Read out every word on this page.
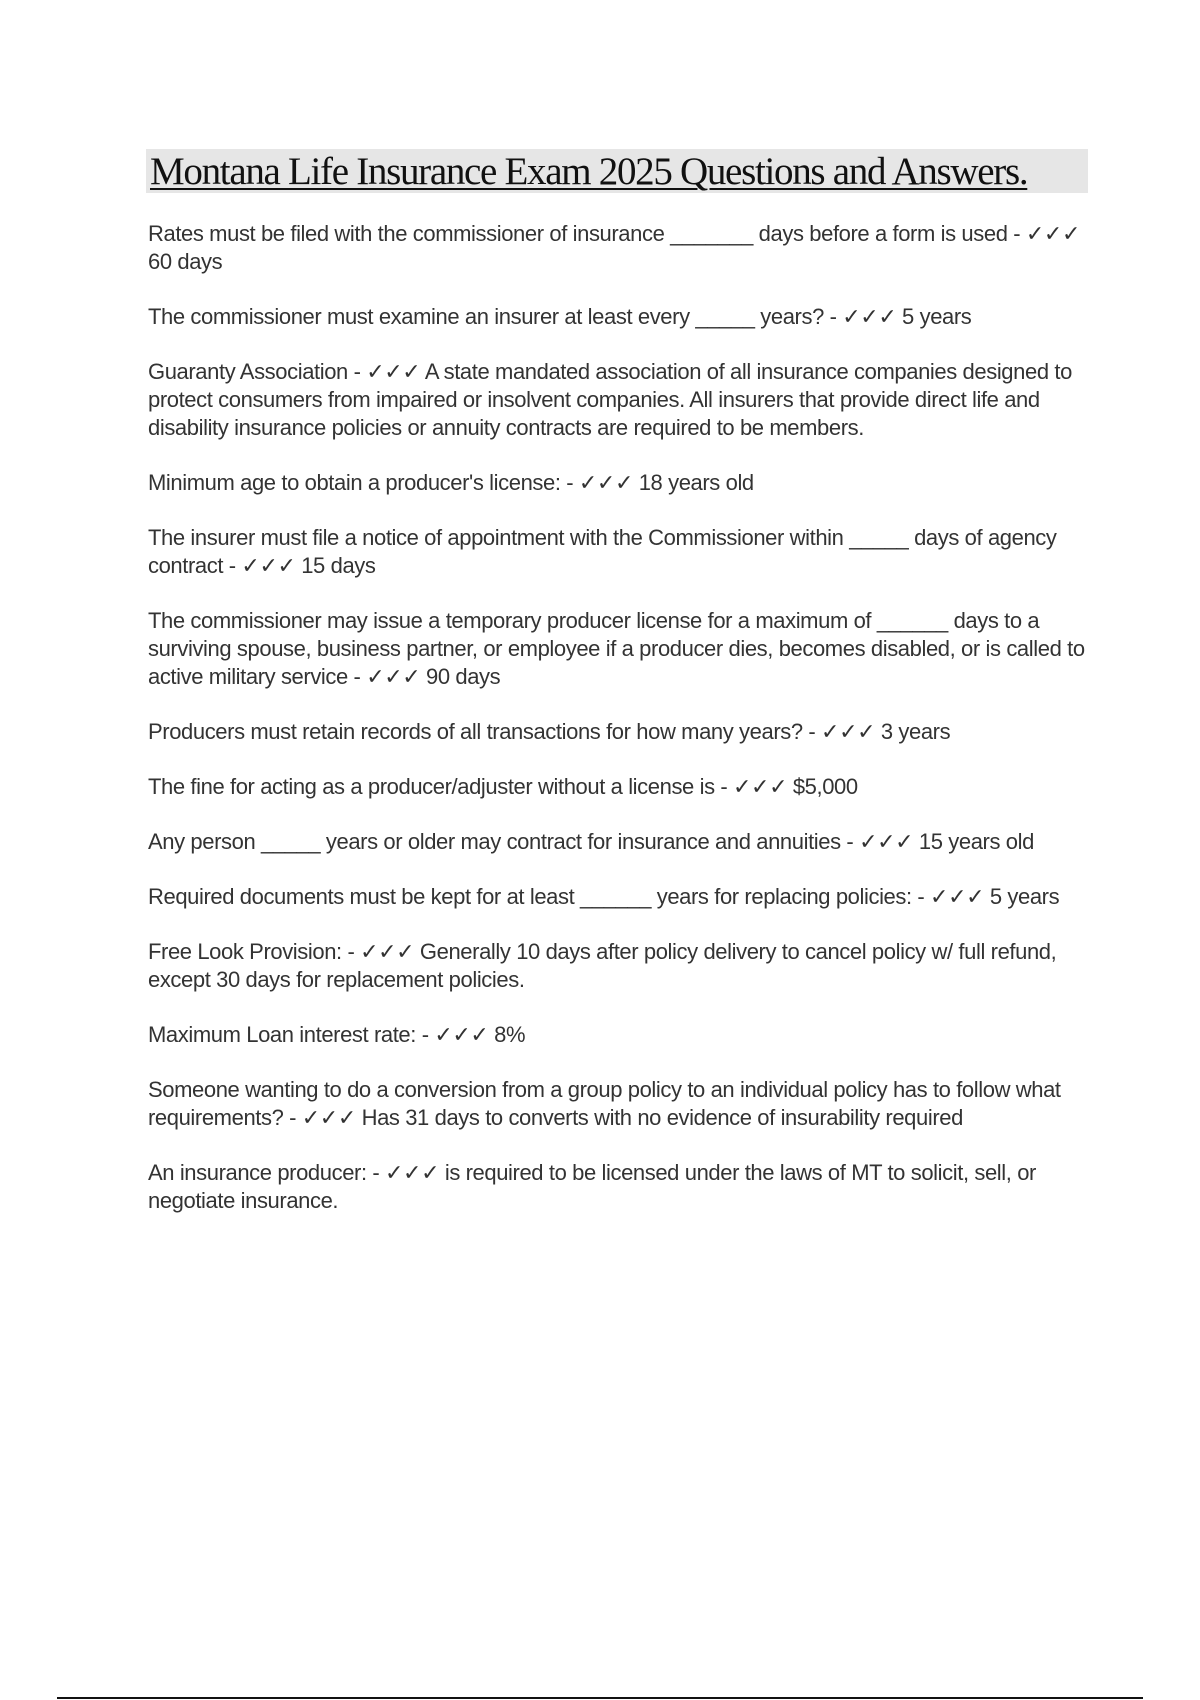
Montana Life Insurance Exam 2025 Questions and Answers.

Rates must be filed with the commissioner of insurance _______ days before a form is used - ✓✓✓ 60 days

The commissioner must examine an insurer at least every _____ years? - ✓✓✓ 5 years

Guaranty Association - ✓✓✓ A state mandated association of all insurance companies designed to protect consumers from impaired or insolvent companies. All insurers that provide direct life and disability insurance policies or annuity contracts are required to be members.

Minimum age to obtain a producer's license: - ✓✓✓ 18 years old

The insurer must file a notice of appointment with the Commissioner within _____ days of agency contract - ✓✓✓ 15 days

The commissioner may issue a temporary producer license for a maximum of ______ days to a surviving spouse, business partner, or employee if a producer dies, becomes disabled, or is called to active military service - ✓✓✓ 90 days

Producers must retain records of all transactions for how many years? - ✓✓✓ 3 years

The fine for acting as a producer/adjuster without a license is - ✓✓✓ $5,000

Any person _____ years or older may contract for insurance and annuities - ✓✓✓ 15 years old

Required documents must be kept for at least ______ years for replacing policies: - ✓✓✓ 5 years

Free Look Provision: - ✓✓✓ Generally 10 days after policy delivery to cancel policy w/ full refund, except 30 days for replacement policies.

Maximum Loan interest rate: - ✓✓✓ 8%

Someone wanting to do a conversion from a group policy to an individual policy has to follow what requirements? - ✓✓✓ Has 31 days to converts with no evidence of insurability required

An insurance producer: - ✓✓✓ is required to be licensed under the laws of MT to solicit, sell, or negotiate insurance.
